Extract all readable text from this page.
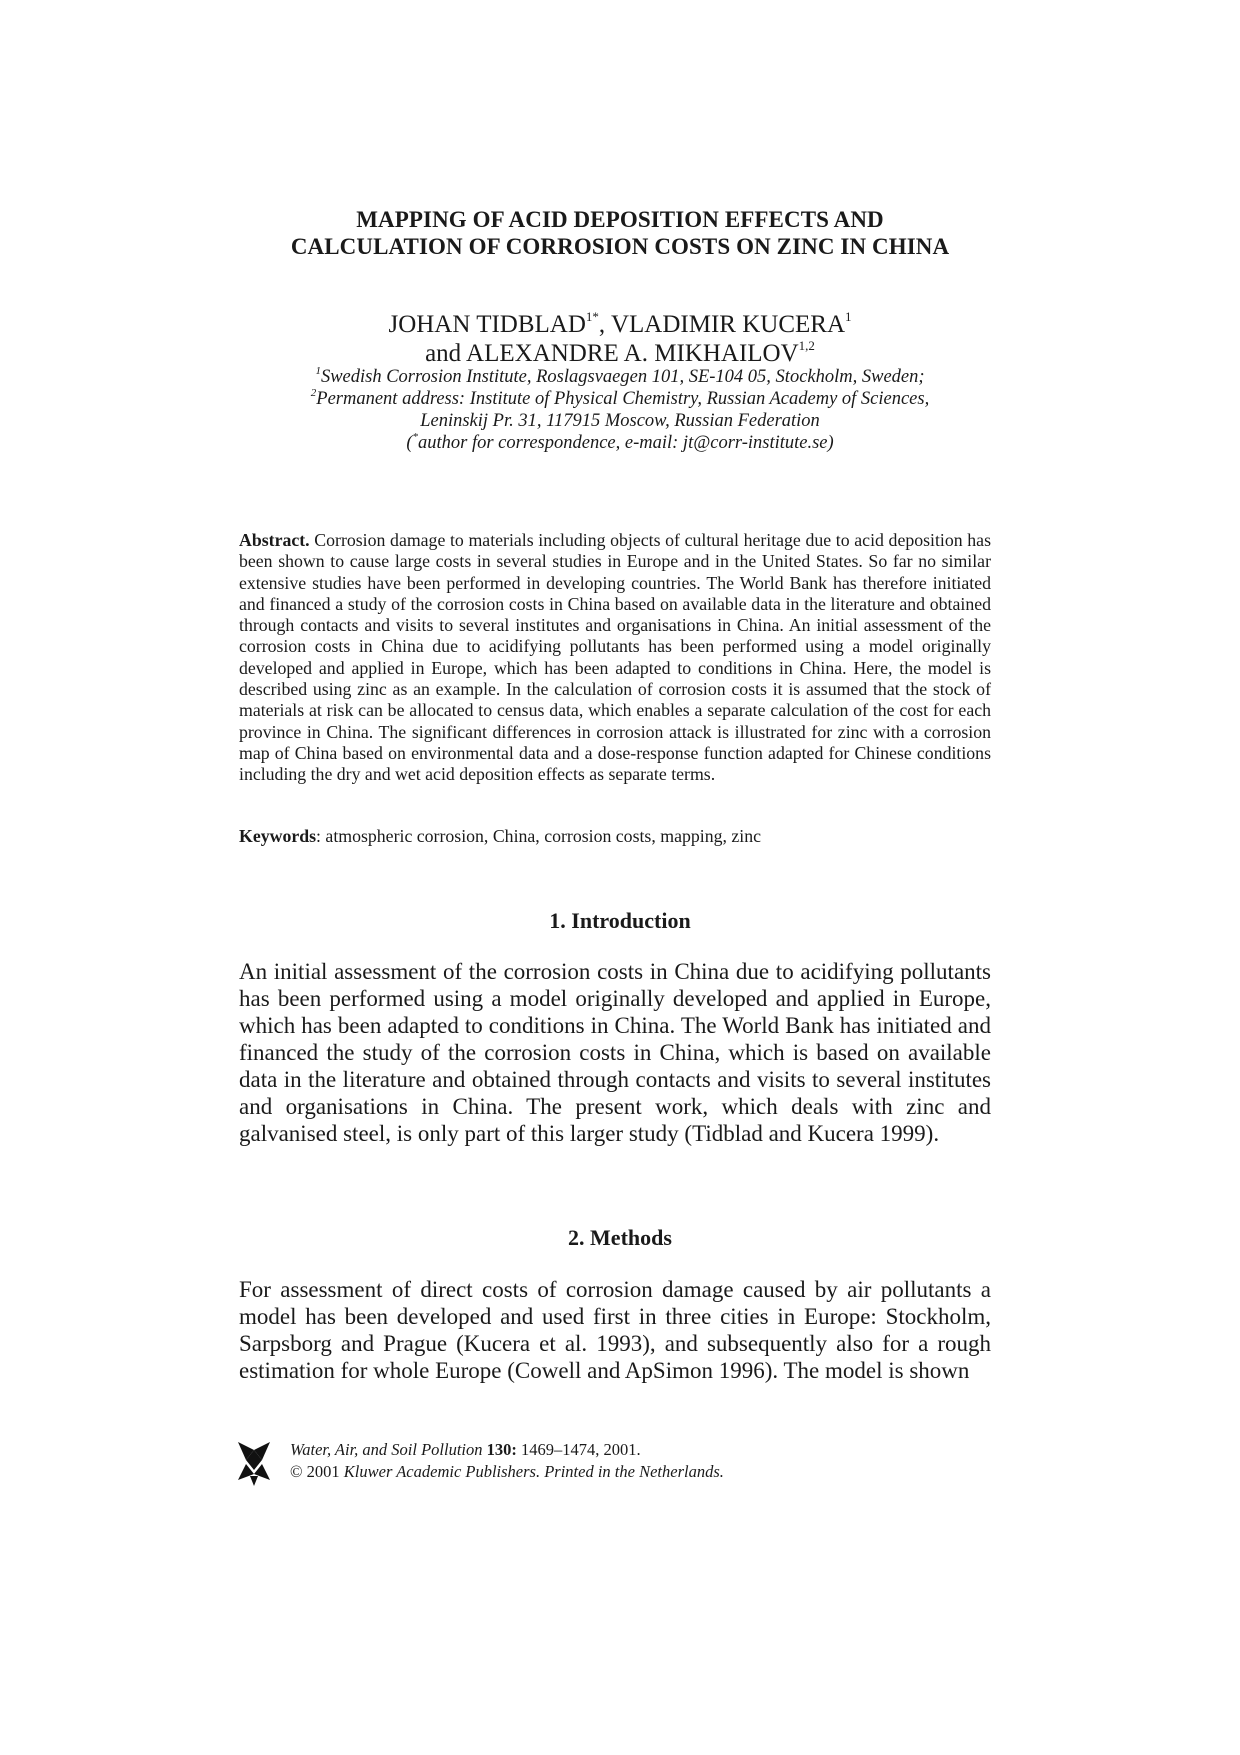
MAPPING OF ACID DEPOSITION EFFECTS AND
CALCULATION OF CORROSION COSTS ON ZINC IN CHINA
JOHAN $TIDBLAD^{1*}$, VLADIMIR KUCERA$^1$
and ALEXANDRE A. MIKHAILOV$^{1,2}$
$^1$Swedish Corrosion Institute, Roslagsvaegen 101, SE-104 05, Stockholm, Sweden;
$^2$Permanent address: Institute of Physical Chemistry, Russian Academy of Sciences,
Leninskij Pr. 31, 117915 Moscow, Russian Federation
(*author for correspondence, e-mail: jt@corr-institute.se)

Abstract. Corrosion damage to materials including objects of cultural heritage due to acid deposition has been shown to cause large costs in several studies in Europe and in the United States. So far no similar extensive studies have been performed in developing countries. The World Bank has therefore initiated and financed a study of the corrosion costs in China based on available data in the literature and obtained through contacts and visits to several institutes and organisations in China. An initial assessment of the corrosion costs in China due to acidifying pollutants has been performed using a model originally developed and applied in Europe, which has been adapted to conditions in China. Here, the model is described using zinc as an example. In the calculation of corrosion costs it is assumed that the stock of materials at risk can be allocated to census data, which enables a separate calculation of the cost for each province in China. The significant differences in corrosion attack is illustrated for zinc with a corrosion map of China based on environmental data and a dose-response function adapted for Chinese conditions including the dry and wet acid deposition effects as separate terms.

Keywords: atmospheric corrosion, China, corrosion costs, mapping, zinc

1. Introduction

An initial assessment of the corrosion costs in China due to acidifying pollutants has been performed using a model originally developed and applied in Europe, which has been adapted to conditions in China. The World Bank has initiated and financed the study of the corrosion costs in China, which is based on available data in the literature and obtained through contacts and visits to several institutes and organisations in China. The present work, which deals with zinc and galvanised steel, is only part of this larger study (Tidblad and Kucera 1999).

2. Methods

For assessment of direct costs of corrosion damage caused by air pollutants a model has been developed and used first in three cities in Europe: Stockholm, Sarpsborg and Prague (Kucera et al. 1993), and subsequently also for a rough estimation for whole Europe (Cowell and ApSimon 1996). The model is shown

Water, Air, and Soil Pollution 130: 1469–1474, 2001.
© 2001 Kluwer Academic Publishers. Printed in the Netherlands.
